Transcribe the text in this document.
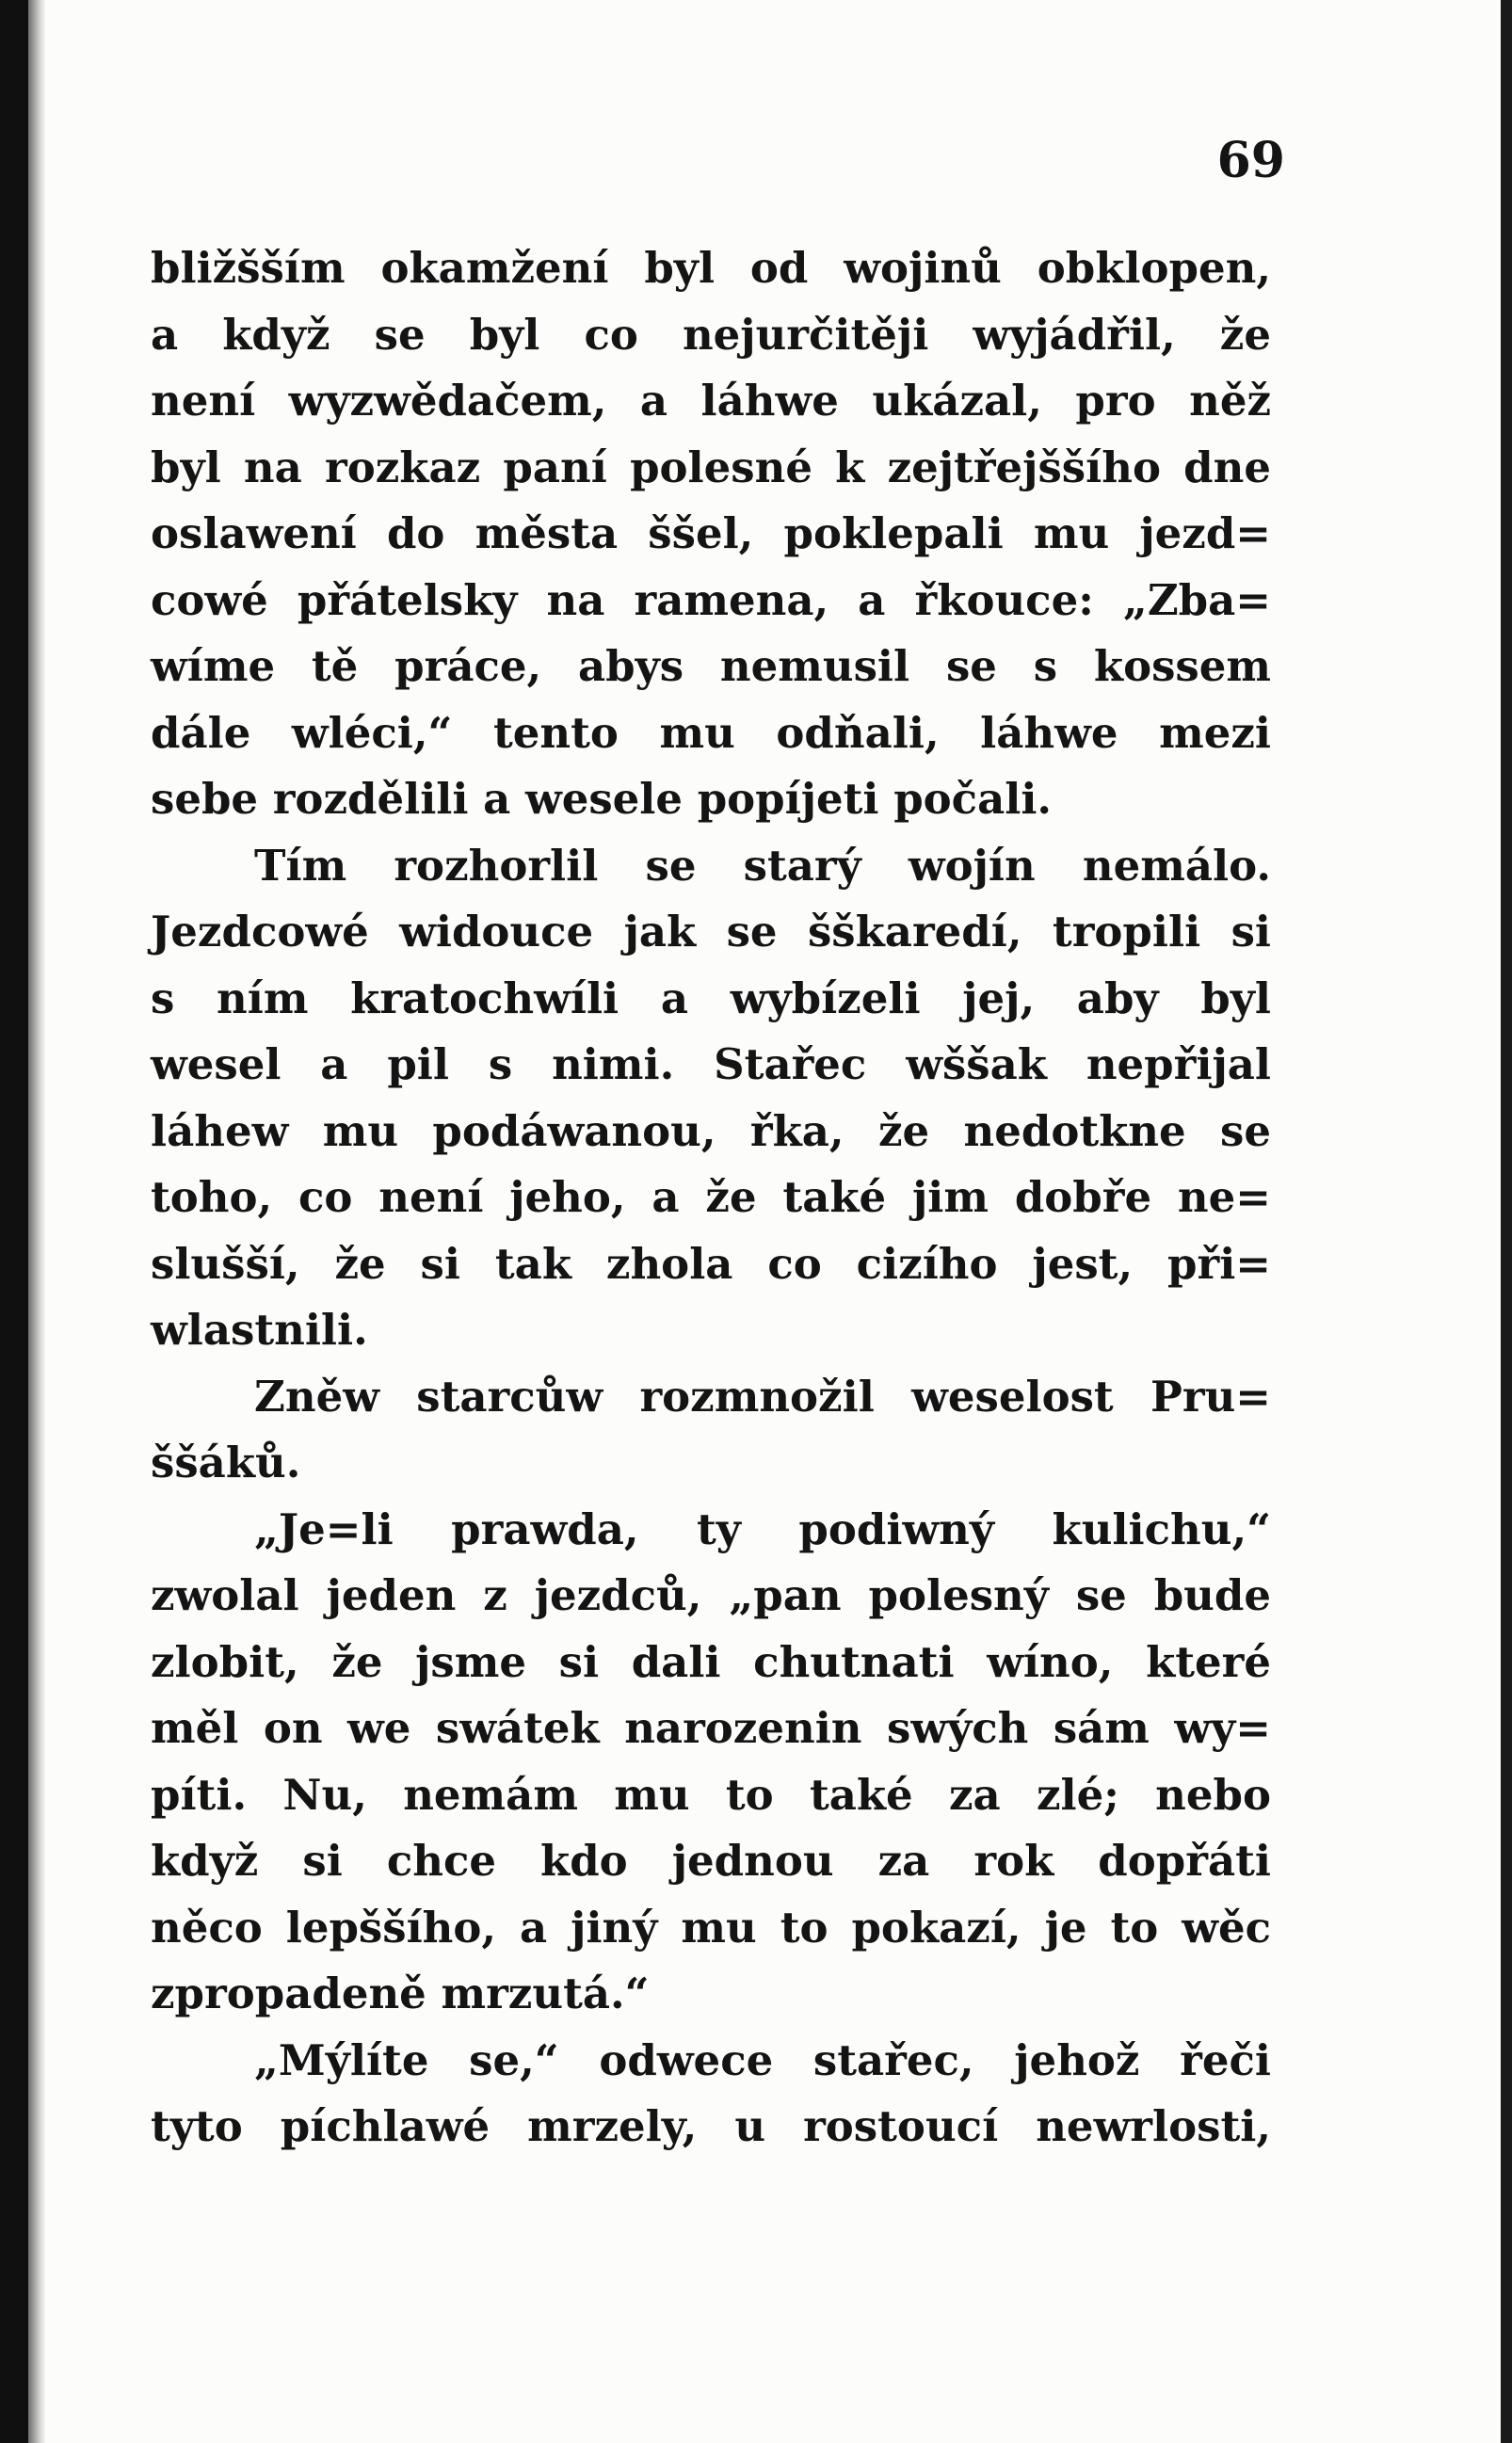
69
bližšším okamžení byl od wojinů obklopen,
a když se byl co nejurčitěji wyjádřil, že
není wyzwědačem, a láhwe ukázal, pro něž
byl na rozkaz paní polesné k zejtřejššího dne
oslawení do města ššel, poklepali mu jezd=
cowé přátelsky na ramena, a řkouce: „Zba=
wíme tě práce, abys nemusil se s kossem
dále wléci,“ tento mu odňali, láhwe mezi
sebe rozdělili a wesele popíjeti počali.
Tím rozhorlil se starý wojín nemálo.
Jezdcowé widouce jak se šškaredí, tropili si
s ním kratochwíli a wybízeli jej, aby byl
wesel a pil s nimi. Stařec wššak nepřijal
láhew mu podáwanou, řka, že nedotkne se
toho, co není jeho, a že také jim dobře ne=
slušší, že si tak zhola co cizího jest, při=
wlastnili.
Zněw starcůw rozmnožil weselost Pru=
ššáků.
„Je=li prawda, ty podiwný kulichu,“
zwolal jeden z jezdců, „pan polesný se bude
zlobit, že jsme si dali chutnati wíno, které
měl on we swátek narozenin swých sám wy=
píti. Nu, nemám mu to také za zlé; nebo
když si chce kdo jednou za rok dopřáti
něco lepššího, a jiný mu to pokazí, je to wěc
zpropadeně mrzutá.“
„Mýlíte se,“ odwece stařec, jehož řeči
tyto píchlawé mrzely, u rostoucí newrlosti,
